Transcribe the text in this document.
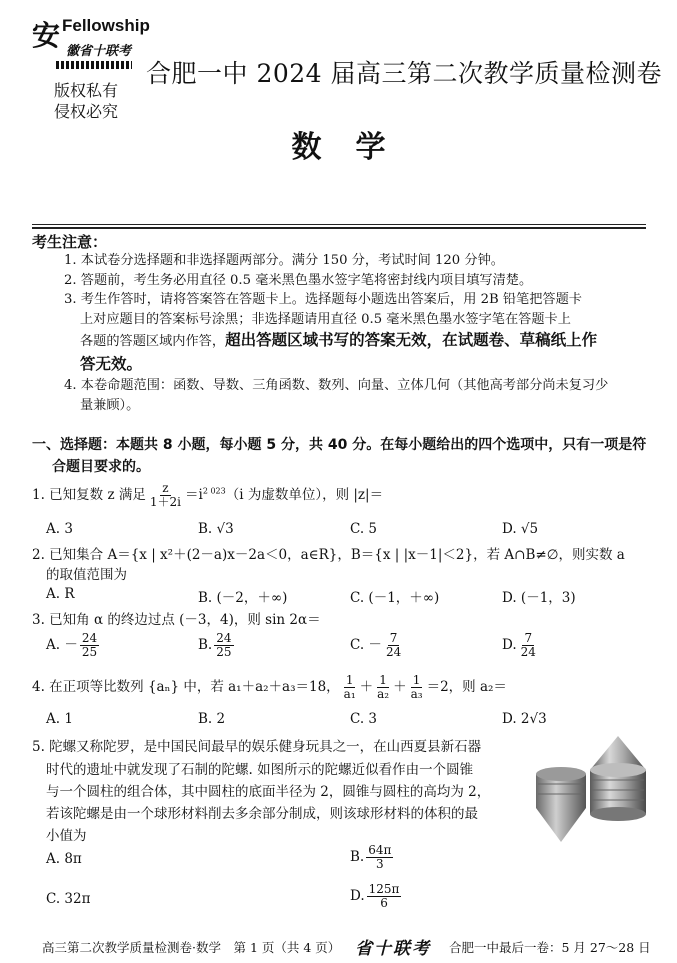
安 Fellowship
徽省十联考
版权私有
侵权必究
合肥一中 2024 届高三第二次教学质量检测卷
数学
考生注意：
1. 本试卷分选择题和非选择题两部分。满分 150 分，考试时间 120 分钟。
2. 答题前，考生务必用直径 0.5 毫米黑色墨水签字笔将密封线内项目填写清楚。
3. 考生作答时，请将答案答在答题卡上。选择题每小题选出答案后，用 2B 铅笔把答题卡
上对应题目的答案标号涂黑；非选择题请用直径 0.5 毫米黑色墨水签字笔在答题卡上
各题的答题区域内作答，超出答题区域书写的答案无效，在试题卷、草稿纸上作
答无效。
4. 本卷命题范围：函数、导数、三角函数、数列、向量、立体几何（其他高考部分尚未复习少
量兼顾）。
一、选择题：本题共 8 小题，每小题 5 分，共 40 分。在每小题给出的四个选项中，只有一项是符
合题目要求的。
1. 已知复数 z 满足 $\frac{z}{1+2i} =i^{2 023}(i$ 为虚数单位），则 |z|＝
A. 3	B. √3	C. 5	D. √5
2. 已知集合 A＝{x | x²＋(2－a)x－2a＜0，a∈R}，B＝{x | |x－1|＜2}，若 A∩B≠∅，则实数 a
的取值范围为
A. R	B. (－2，＋∞)	C. (－1，＋∞)	D. (－1，3)
3. 已知角 α 的终边过点 (－3，4)，则 sin 2α＝
A. － $\frac{24}{25}$	B. $\frac{24}{25}$	C. － $\frac{7}{24}$	D. $\frac{7}{24}$
4. 在正项等比数列 {aₙ} 中，若 a₁＋a₂＋a₃＝18， $\frac{1}{\text{a₁}} + \frac{1}{\text{a₂}} + \frac{1}{\text{a₃}} =2$，则 a₂＝
A. 1	B. 2	C. 3	D. 2√3
5. 陀螺又称陀罗，是中国民间最早的娱乐健身玩具之一，在山西夏县新石器
时代的遗址中就发现了石制的陀螺. 如图所示的陀螺近似看作由一个圆锥
与一个圆柱的组合体，其中圆柱的底面半径为 2，圆锥与圆柱的高均为 2，
若该陀螺是由一个球形材料削去多余部分制成，则该球形材料的体积的最
小值为
A. 8π	B. $\frac{64\pi}{3}$
C. 32π	D. $\frac{125\pi}{6}$
高三第二次教学质量检测卷·数学　第 1 页（共 4 页） 省十联考 合肥一中最后一卷：5 月 27～28 日
